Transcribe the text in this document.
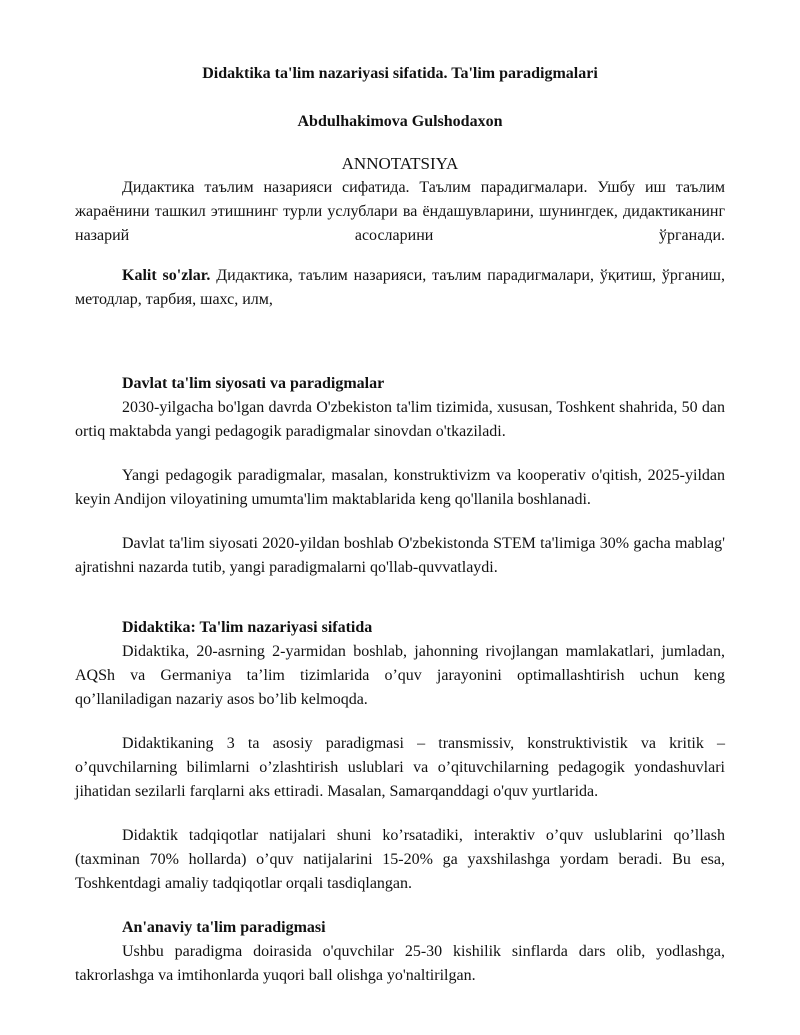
Didaktika ta'lim nazariyasi sifatida. Ta'lim paradigmalari
Abdulhakimova Gulshodaxon
ANNOTATSIYA

Дидактика таълим назарияси сифатида. Таълим парадигмалари. Ушбу иш таълим жараёнини ташкил этишнинг турли услублари ва ёндашувларини, шунингдек, дидактиканинг назарий асосларини ўрганади.

Kalit so'zlar. Дидактика, таълим назарияси, таълим парадигмалари, ўқитиш, ўрганиш, методлар, тарбия, шахс, илм,

Davlat ta'lim siyosati va paradigmalar

2030-yilgacha bo'lgan davrda O'zbekiston ta'lim tizimida, xususan, Toshkent shahrida, 50 dan ortiq maktabda yangi pedagogik paradigmalar sinovdan o'tkaziladi.

Yangi pedagogik paradigmalar, masalan, konstruktivizm va kooperativ o'qitish, 2025-yildan keyin Andijon viloyatining umumta'lim maktablarida keng qo'llanila boshlanadi.

Davlat ta'lim siyosati 2020-yildan boshlab O'zbekistonda STEM ta'limiga 30% gacha mablag' ajratishni nazarda tutib, yangi paradigmalarni qo'llab-quvvatlaydi.

Didaktika: Ta'lim nazariyasi sifatida

Didaktika, 20-asrning 2-yarmidan boshlab, jahonning rivojlangan mamlakatlari, jumladan, AQSh va Germaniya ta’lim tizimlarida o’quv jarayonini optimallashtirish uchun keng qo’llaniladigan nazariy asos bo’lib kelmoqda.

Didaktikaning 3 ta asosiy paradigmasi – transmissiv, konstruktivistik va kritik – o’quvchilarning bilimlarni o’zlashtirish uslublari va o’qituvchilarning pedagogik yondashuvlari jihatidan sezilarli farqlarni aks ettiradi. Masalan, Samarqanddagi o'quv yurtlarida.

Didaktik tadqiqotlar natijalari shuni ko’rsatadiki, interaktiv o’quv uslublarini qo’llash (taxminan 70% hollarda) o’quv natijalarini 15-20% ga yaxshilashga yordam beradi. Bu esa, Toshkentdagi amaliy tadqiqotlar orqali tasdiqlangan.

An'anaviy ta'lim paradigmasi

Ushbu paradigma doirasida o'quvchilar 25-30 kishilik sinflarda dars olib, yodlashga, takrorlashga va imtihonlarda yuqori ball olishga yo'naltirilgan.
